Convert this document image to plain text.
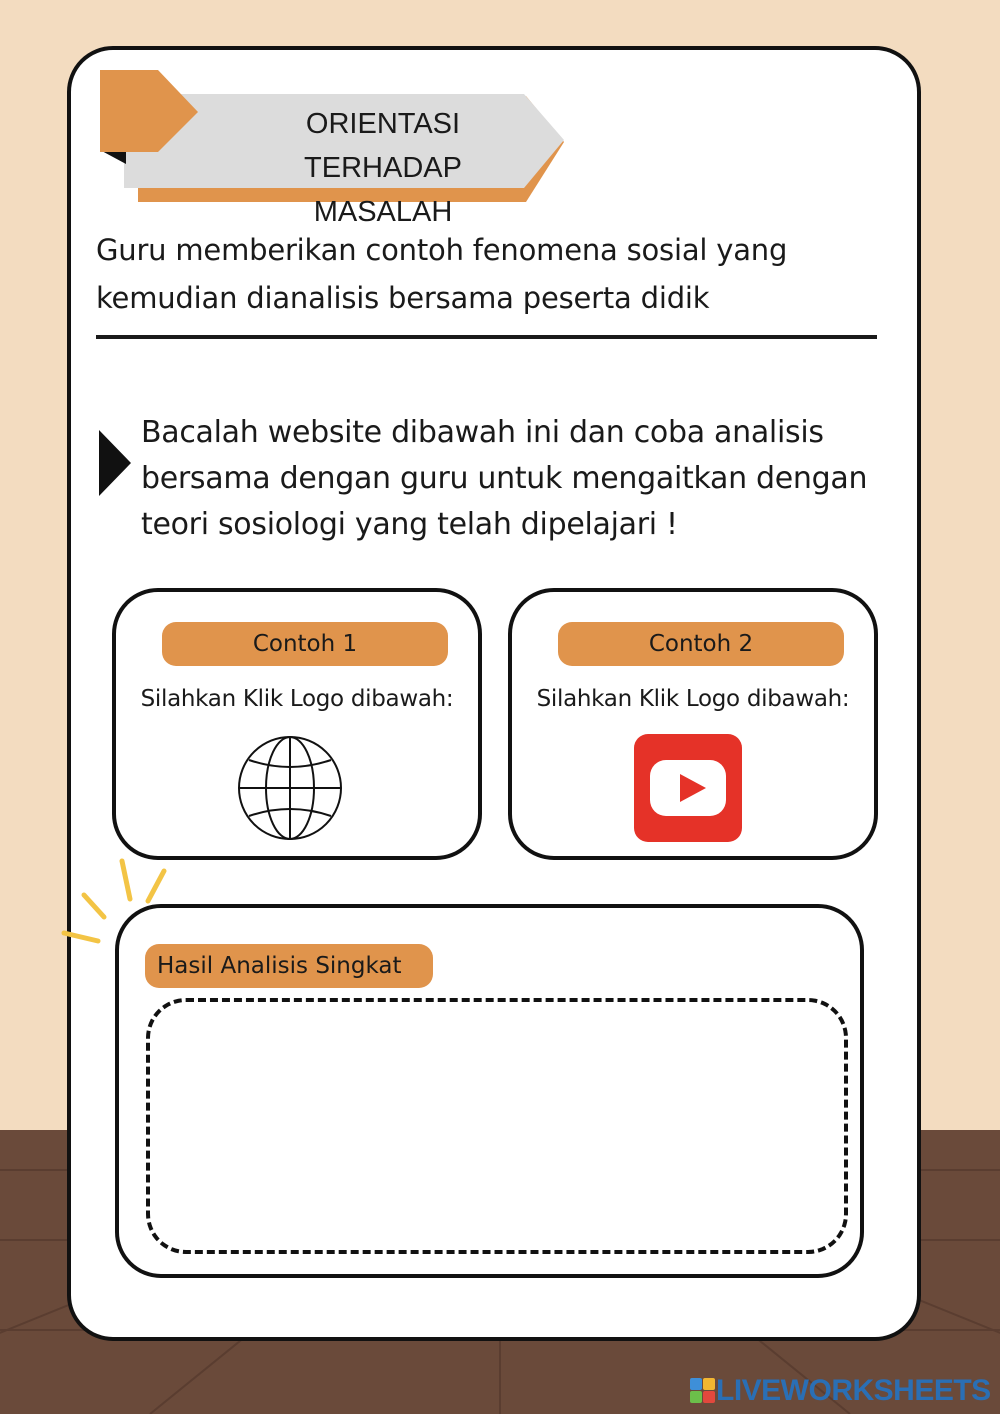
ORIENTASI TERHADAP MASALAH
Guru memberikan contoh fenomena sosial yang kemudian dianalisis bersama peserta didik
Bacalah website dibawah ini dan coba analisis bersama dengan guru untuk mengaitkan dengan teori sosiologi yang telah dipelajari !
Contoh 1
Silahkan Klik Logo dibawah:
Contoh 2
Silahkan Klik Logo dibawah:
Hasil Analisis Singkat
LIVEWORKSHEETS
